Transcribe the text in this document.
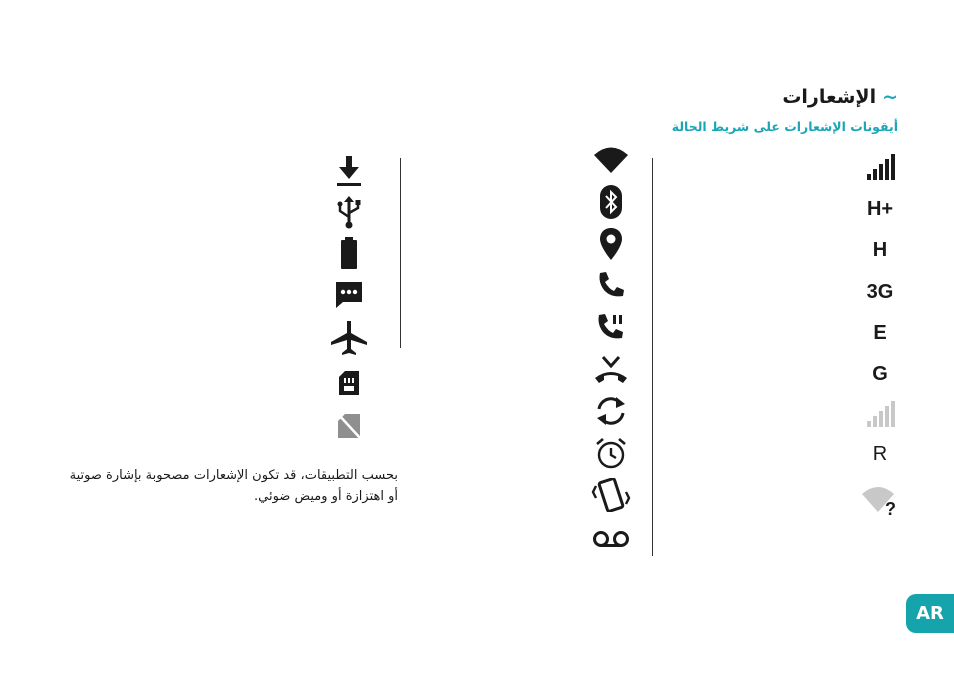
~الإشعارات
أيقونات الإشعارات على شريط الحالة
H+
H
3G
E
G
R
?
بحسب التطبيقات، قد تكون الإشعارات مصحوبة بإشارة صوتية أو اهتزازة أو وميض ضوئي.
AR
